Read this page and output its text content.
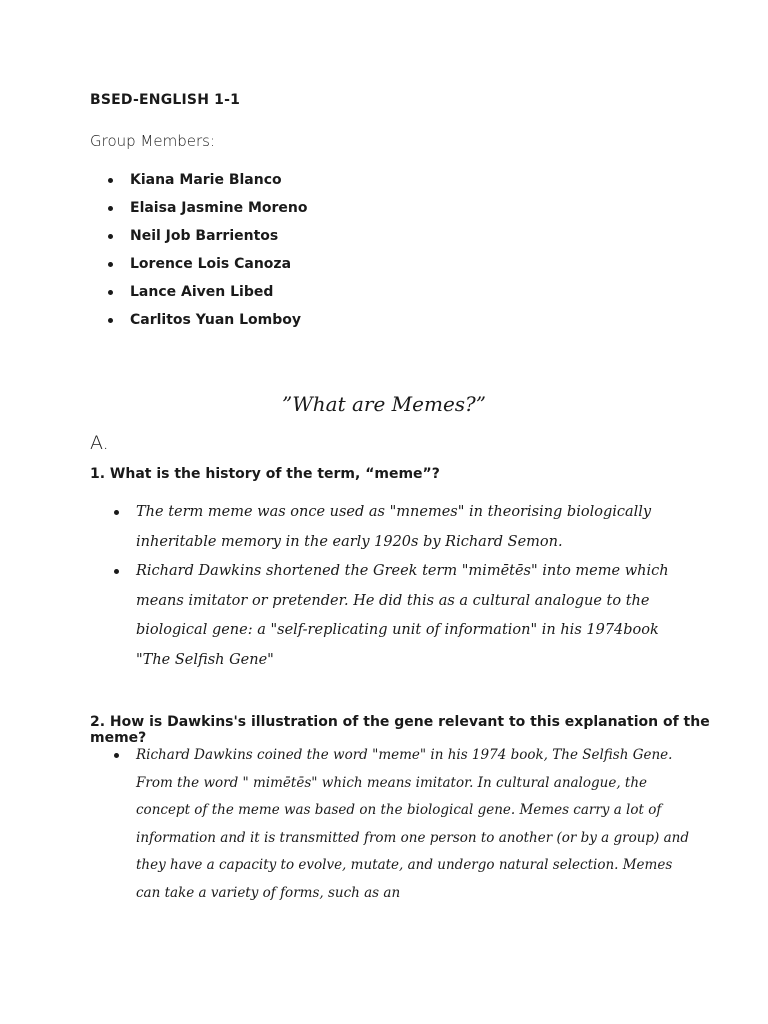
BSED-ENGLISH 1-1
Group Members:
Kiana Marie Blanco
Elaisa Jasmine Moreno
Neil Job Barrientos
Lorence Lois Canoza
Lance Aiven Libed
Carlitos Yuan Lomboy
”What are Memes?”
A.
1. What is the history of the term, “meme”?
The term meme was once used as "mnemes" in theorising biologically inheritable memory in the early 1920s by Richard Semon.
Richard Dawkins shortened the Greek term "mimētēs" into meme which means imitator or pretender. He did this as a cultural analogue to the biological gene: a "self-replicating unit of information" in his 1974book "The Selfish Gene"
2. How is Dawkins's illustration of the gene relevant to this explanation of the meme?
Richard Dawkins coined the word "meme" in his 1974 book, The Selfish Gene. From the word " mimētēs" which means imitator. In cultural analogue, the concept of the meme was based on the biological gene. Memes carry a lot of information and it is transmitted from one person to another (or by a group) and they have a capacity to evolve, mutate, and undergo natural selection. Memes can take a variety of forms, such as an
